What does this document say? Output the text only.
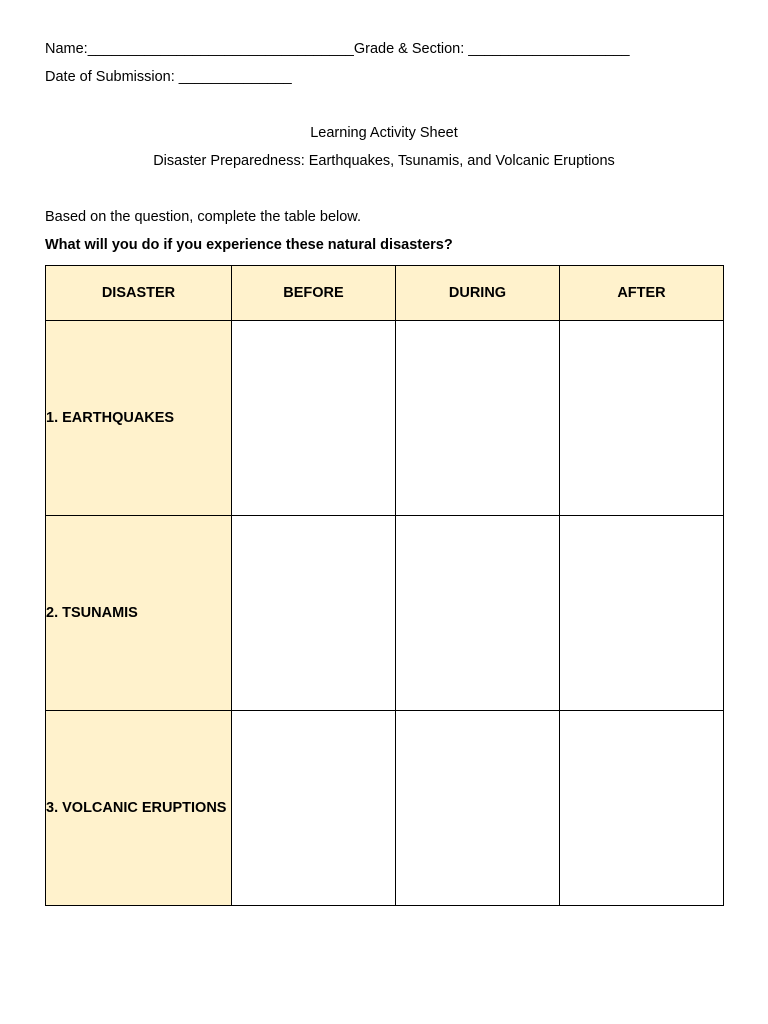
Name:_________________________________Grade & Section: ____________________
Date of Submission: ______________
Learning Activity Sheet
Disaster Preparedness: Earthquakes, Tsunamis, and Volcanic Eruptions
Based on the question, complete the table below.
What will you do if you experience these natural disasters?
DISASTER	BEFORE	DURING	AFTER
1. EARTHQUAKES			
2. TSUNAMIS			
3. VOLCANIC ERUPTIONS			
